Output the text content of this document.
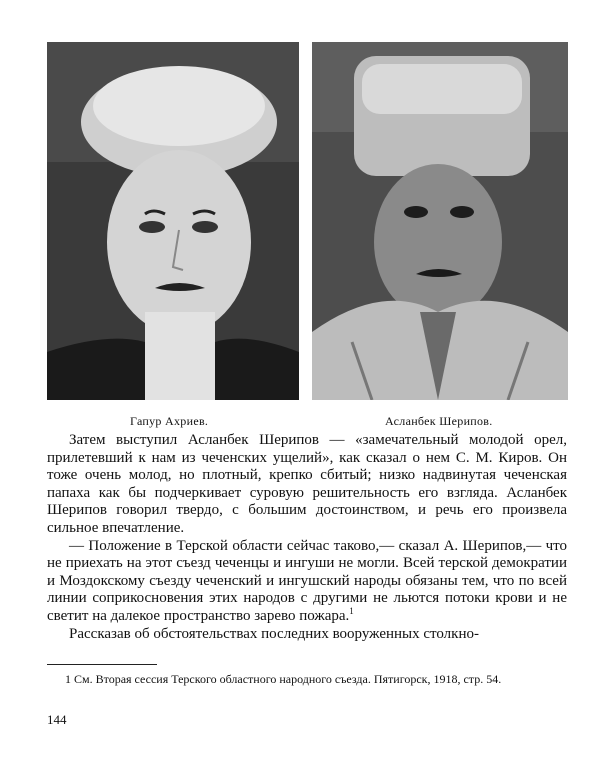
Гапур Ахриев.	Асланбек Шерипов.

Затем выступил Асланбек Шерипов — «замечательный молодой орел, прилетевший к нам из чеченских ущелий», как сказал о нем С. М. Киров. Он тоже очень молод, но плотный, крепко сбитый; низко надвинутая чеченская папаха как бы подчеркивает суровую решительность его взгляда. Асланбек Шерипов говорил твердо, с большим достоинством, и речь его произвела сильное впечатление.

— Положение в Терской области сейчас таково,— сказал А. Шерипов,— что не приехать на этот съезд чеченцы и ингуши не могли. Всей терской демократии и Моздокскому съезду чеченский и ингушский народы обязаны тем, что по всей линии соприкосновения этих народов с другими не льются потоки крови и не светит на далекое пространство зарево пожара.$^1$

Рассказав об обстоятельствах последних вооруженных столкно-

1 См. Вторая сессия Терского областного народного съезда. Пятигорск, 1918, стр. 54.
144
